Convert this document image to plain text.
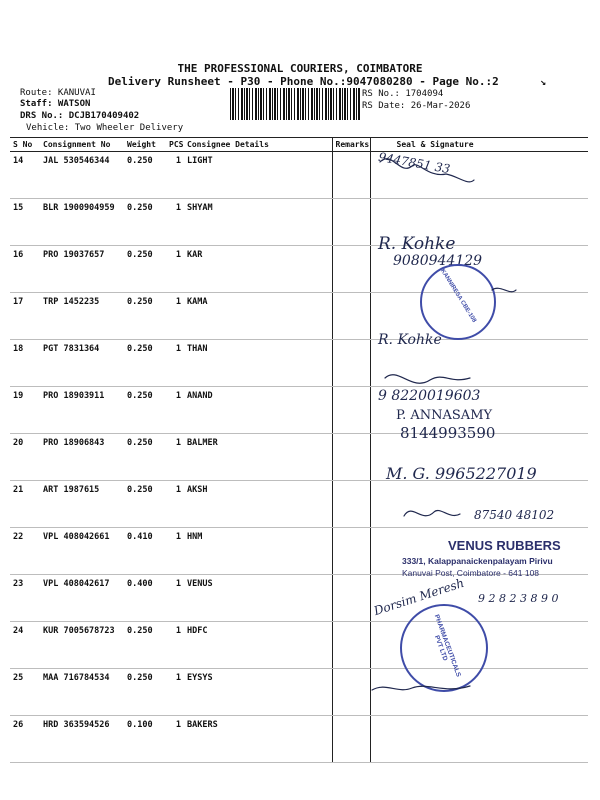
THE PROFESSIONAL COURIERS, COIMBATORE
Delivery Runsheet - P30 - Phone No.:9047080280 - Page No.:2
Route: KANUVAI
Staff: WATSON
DRS No.: DCJB170409402
Vehicle: Two Wheeler Delivery
RS No.: 1704094
RS Date: 26-Mar-2026
↘
S No	Consignment No	Weight	PCS	Consignee Details	Remarks	Seal & Signature
14	JAL 530546344	0.250	1	LIGHT		
15	BLR 1900904959	0.250	1	SHYAM		
16	PRO 19037657	0.250	1	KAR		
17	TRP 1452235	0.250	1	KAMA		
18	PGT 7831364	0.250	1	THAN		
19	PRO 18903911	0.250	1	ANAND		
20	PRO 18906843	0.250	1	BALMER		
21	ART 1987615	0.250	1	AKSH		
22	VPL 408042661	0.410	1	HNM		
23	VPL 408042617	0.400	1	VENUS		
24	KUR 7005678723	0.250	1	HDFC		
25	MAA 716784534	0.250	1	EYSYS		
26	HRD 363594526	0.100	1	BAKERS		
9447851 33
R. Kohke
9080944129
KANNIRESA CBE-108
R. Kohke
9 8220019603
P. ANNASAMY
8144993590
M. G. 9965227019
87540 48102
VENUS RUBBERS
333/1, Kalappanaickenpalayam Pirivu
Kanuvai Post, Coimbatore - 641 108
Dorsim Meresh 9 2 8 2 3 8 9 0
PHARMACEUTICALS PVT LTD
